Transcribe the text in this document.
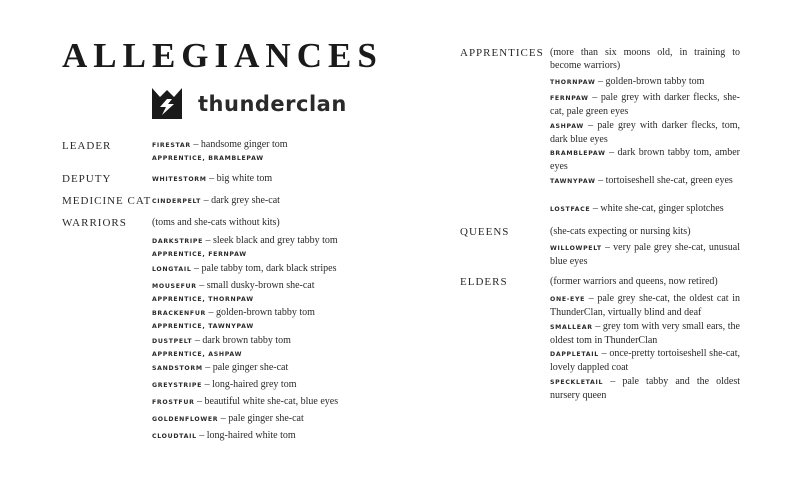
ALLEGIANCES
thunderclan
LEADER	FIRESTAR – handsome ginger tom
APPRENTICE, BRAMBLEPAW
DEPUTY	WHITESTORM – big white tom
MEDICINE CAT CINDERPELT – dark grey she-cat
WARRIORS	(toms and she-cats without kits)
DARKSTRIPE – sleek black and grey tabby tom
APPRENTICE, FERNPAW
LONGTAIL – pale tabby tom, dark black stripes
MOUSEFUR – small dusky-brown she-cat
APPRENTICE, THORNPAW
BRACKENFUR – golden-brown tabby tom
APPRENTICE, TAWNYPAW
DUSTPELT – dark brown tabby tom
APPRENTICE, ASHPAW
SANDSTORM – pale ginger she-cat
GREYSTRIPE – long-haired grey tom
FROSTFUR – beautiful white she-cat, blue eyes
GOLDENFLOWER – pale ginger she-cat
CLOUDTAIL – long-haired white tom
APPRENTICES (more than six moons old, in training to become warriors)
THORNPAW – golden-brown tabby tom
FERNPAW – pale grey with darker flecks, she-cat, pale green eyes
ASHPAW – pale grey with darker flecks, tom, dark blue eyes
BRAMBLEPAW – dark brown tabby tom, amber eyes
TAWNYPAW – tortoiseshell she-cat, green eyes
LOSTFACE – white she-cat, ginger splotches
QUEENS	(she-cats expecting or nursing kits)
WILLOWPELT – very pale grey she-cat, unusual blue eyes
ELDERS	(former warriors and queens, now retired)
ONE-EYE – pale grey she-cat, the oldest cat in ThunderClan, virtually blind and deaf
SMALLEAR – grey tom with very small ears, the oldest tom in ThunderClan
DAPPLETAIL – once-pretty tortoiseshell she-cat, lovely dappled coat
SPECKLETAIL – pale tabby and the oldest nursery queen
